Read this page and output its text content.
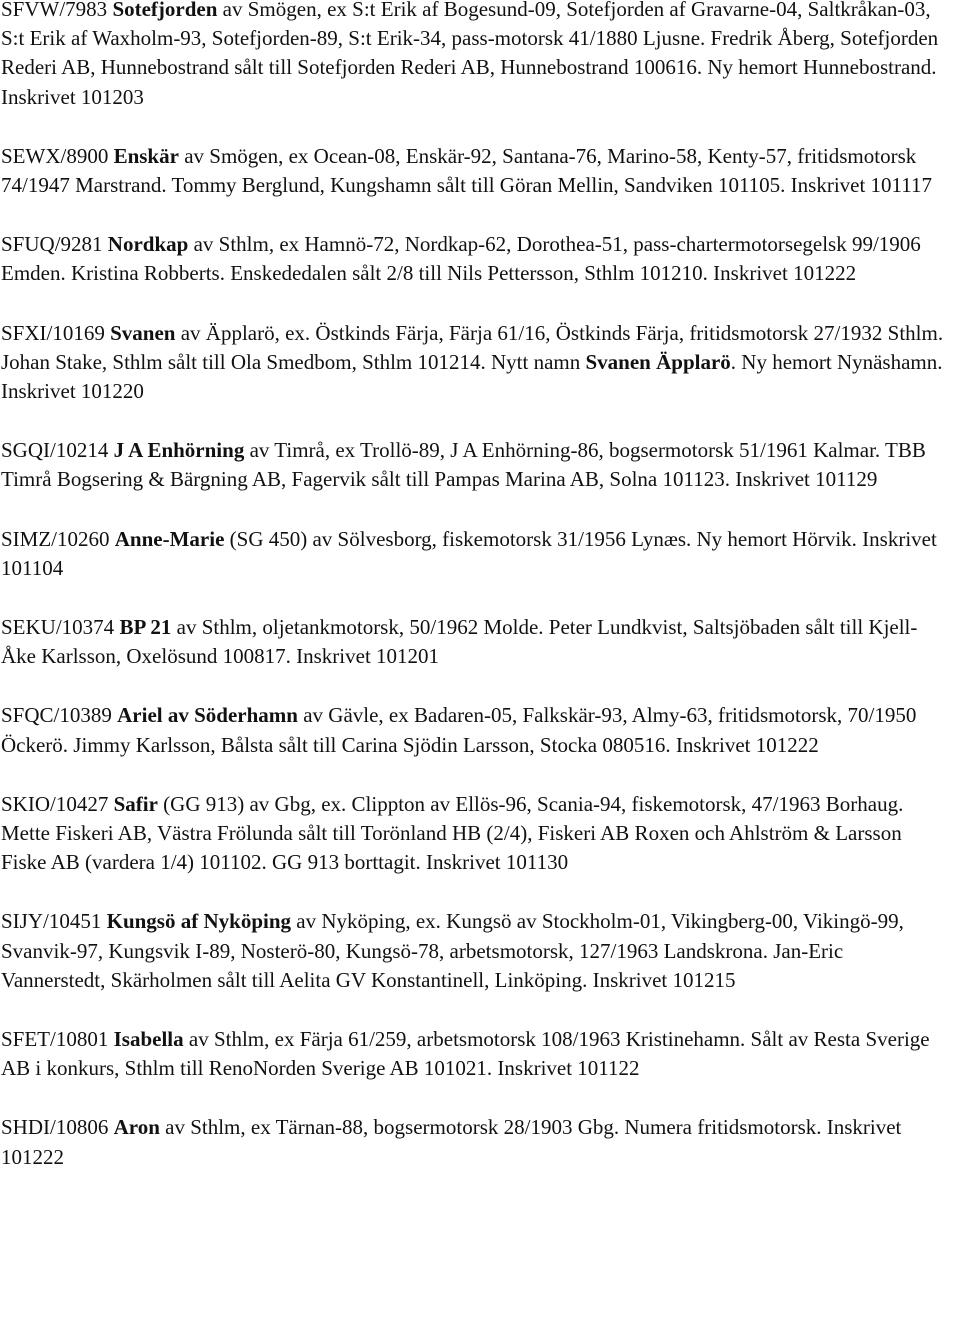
SFVW/7983 Sotefjorden av Smögen, ex S:t Erik af Bogesund-09, Sotefjorden af Gravarne-04, Saltkråkan-03, S:t Erik af Waxholm-93, Sotefjorden-89, S:t Erik-34, pass-motorsk 41/1880 Ljusne. Fredrik Åberg, Sotefjorden Rederi AB, Hunnebostrand sålt till Sotefjorden Rederi AB, Hunnebostrand 100616. Ny hemort Hunnebostrand. Inskrivet 101203

SEWX/8900 Enskär av Smögen, ex Ocean-08, Enskär-92, Santana-76, Marino-58, Kenty-57, fritidsmotorsk 74/1947 Marstrand. Tommy Berglund, Kungshamn sålt till Göran Mellin, Sandviken 101105. Inskrivet 101117

SFUQ/9281 Nordkap av Sthlm, ex Hamnö-72, Nordkap-62, Dorothea-51, pass-chartermotorsegelsk 99/1906 Emden. Kristina Robberts. Enskededalen sålt 2/8 till Nils Pettersson, Sthlm 101210. Inskrivet 101222

SFXI/10169 Svanen av Äpplarö, ex. Östkinds Färja, Färja 61/16, Östkinds Färja, fritidsmotorsk 27/1932 Sthlm. Johan Stake, Sthlm sålt till Ola Smedbom, Sthlm 101214. Nytt namn Svanen Äpplarö. Ny hemort Nynäshamn. Inskrivet 101220

SGQI/10214 J A Enhörning av Timrå, ex Trollö-89, J A Enhörning-86, bogsermotorsk 51/1961 Kalmar. TBB Timrå Bogsering & Bärgning AB, Fagervik sålt till Pampas Marina AB, Solna 101123. Inskrivet 101129

SIMZ/10260 Anne-Marie (SG 450) av Sölvesborg, fiskemotorsk 31/1956 Lynæs. Ny hemort Hörvik. Inskrivet 101104

SEKU/10374 BP 21 av Sthlm, oljetankmotorsk, 50/1962 Molde. Peter Lundkvist, Saltsjöbaden sålt till Kjell-Åke Karlsson, Oxelösund 100817. Inskrivet 101201

SFQC/10389 Ariel av Söderhamn av Gävle, ex Badaren-05, Falkskär-93, Almy-63, fritidsmotorsk, 70/1950 Öckerö. Jimmy Karlsson, Bålsta sålt till Carina Sjödin Larsson, Stocka 080516. Inskrivet 101222

SKIO/10427 Safir (GG 913) av Gbg, ex. Clippton av Ellös-96, Scania-94, fiskemotorsk, 47/1963 Borhaug. Mette Fiskeri AB, Västra Frölunda sålt till Torönland HB (2/4), Fiskeri AB Roxen och Ahlström & Larsson Fiske AB (vardera 1/4) 101102. GG 913 borttagit. Inskrivet 101130

SIJY/10451 Kungsö af Nyköping av Nyköping, ex. Kungsö av Stockholm-01, Vikingberg-00, Vikingö-99, Svanvik-97, Kungsvik I-89, Nosterö-80, Kungsö-78, arbetsmotorsk, 127/1963 Landskrona. Jan-Eric Vannerstedt, Skärholmen sålt till Aelita GV Konstantinell, Linköping. Inskrivet 101215

SFET/10801 Isabella av Sthlm, ex Färja 61/259, arbetsmotorsk 108/1963 Kristinehamn. Sålt av Resta Sverige AB i konkurs, Sthlm till RenoNorden Sverige AB 101021. Inskrivet 101122

SHDI/10806 Aron av Sthlm, ex Tärnan-88, bogsermotorsk 28/1903 Gbg. Numera fritidsmotorsk. Inskrivet 101222
